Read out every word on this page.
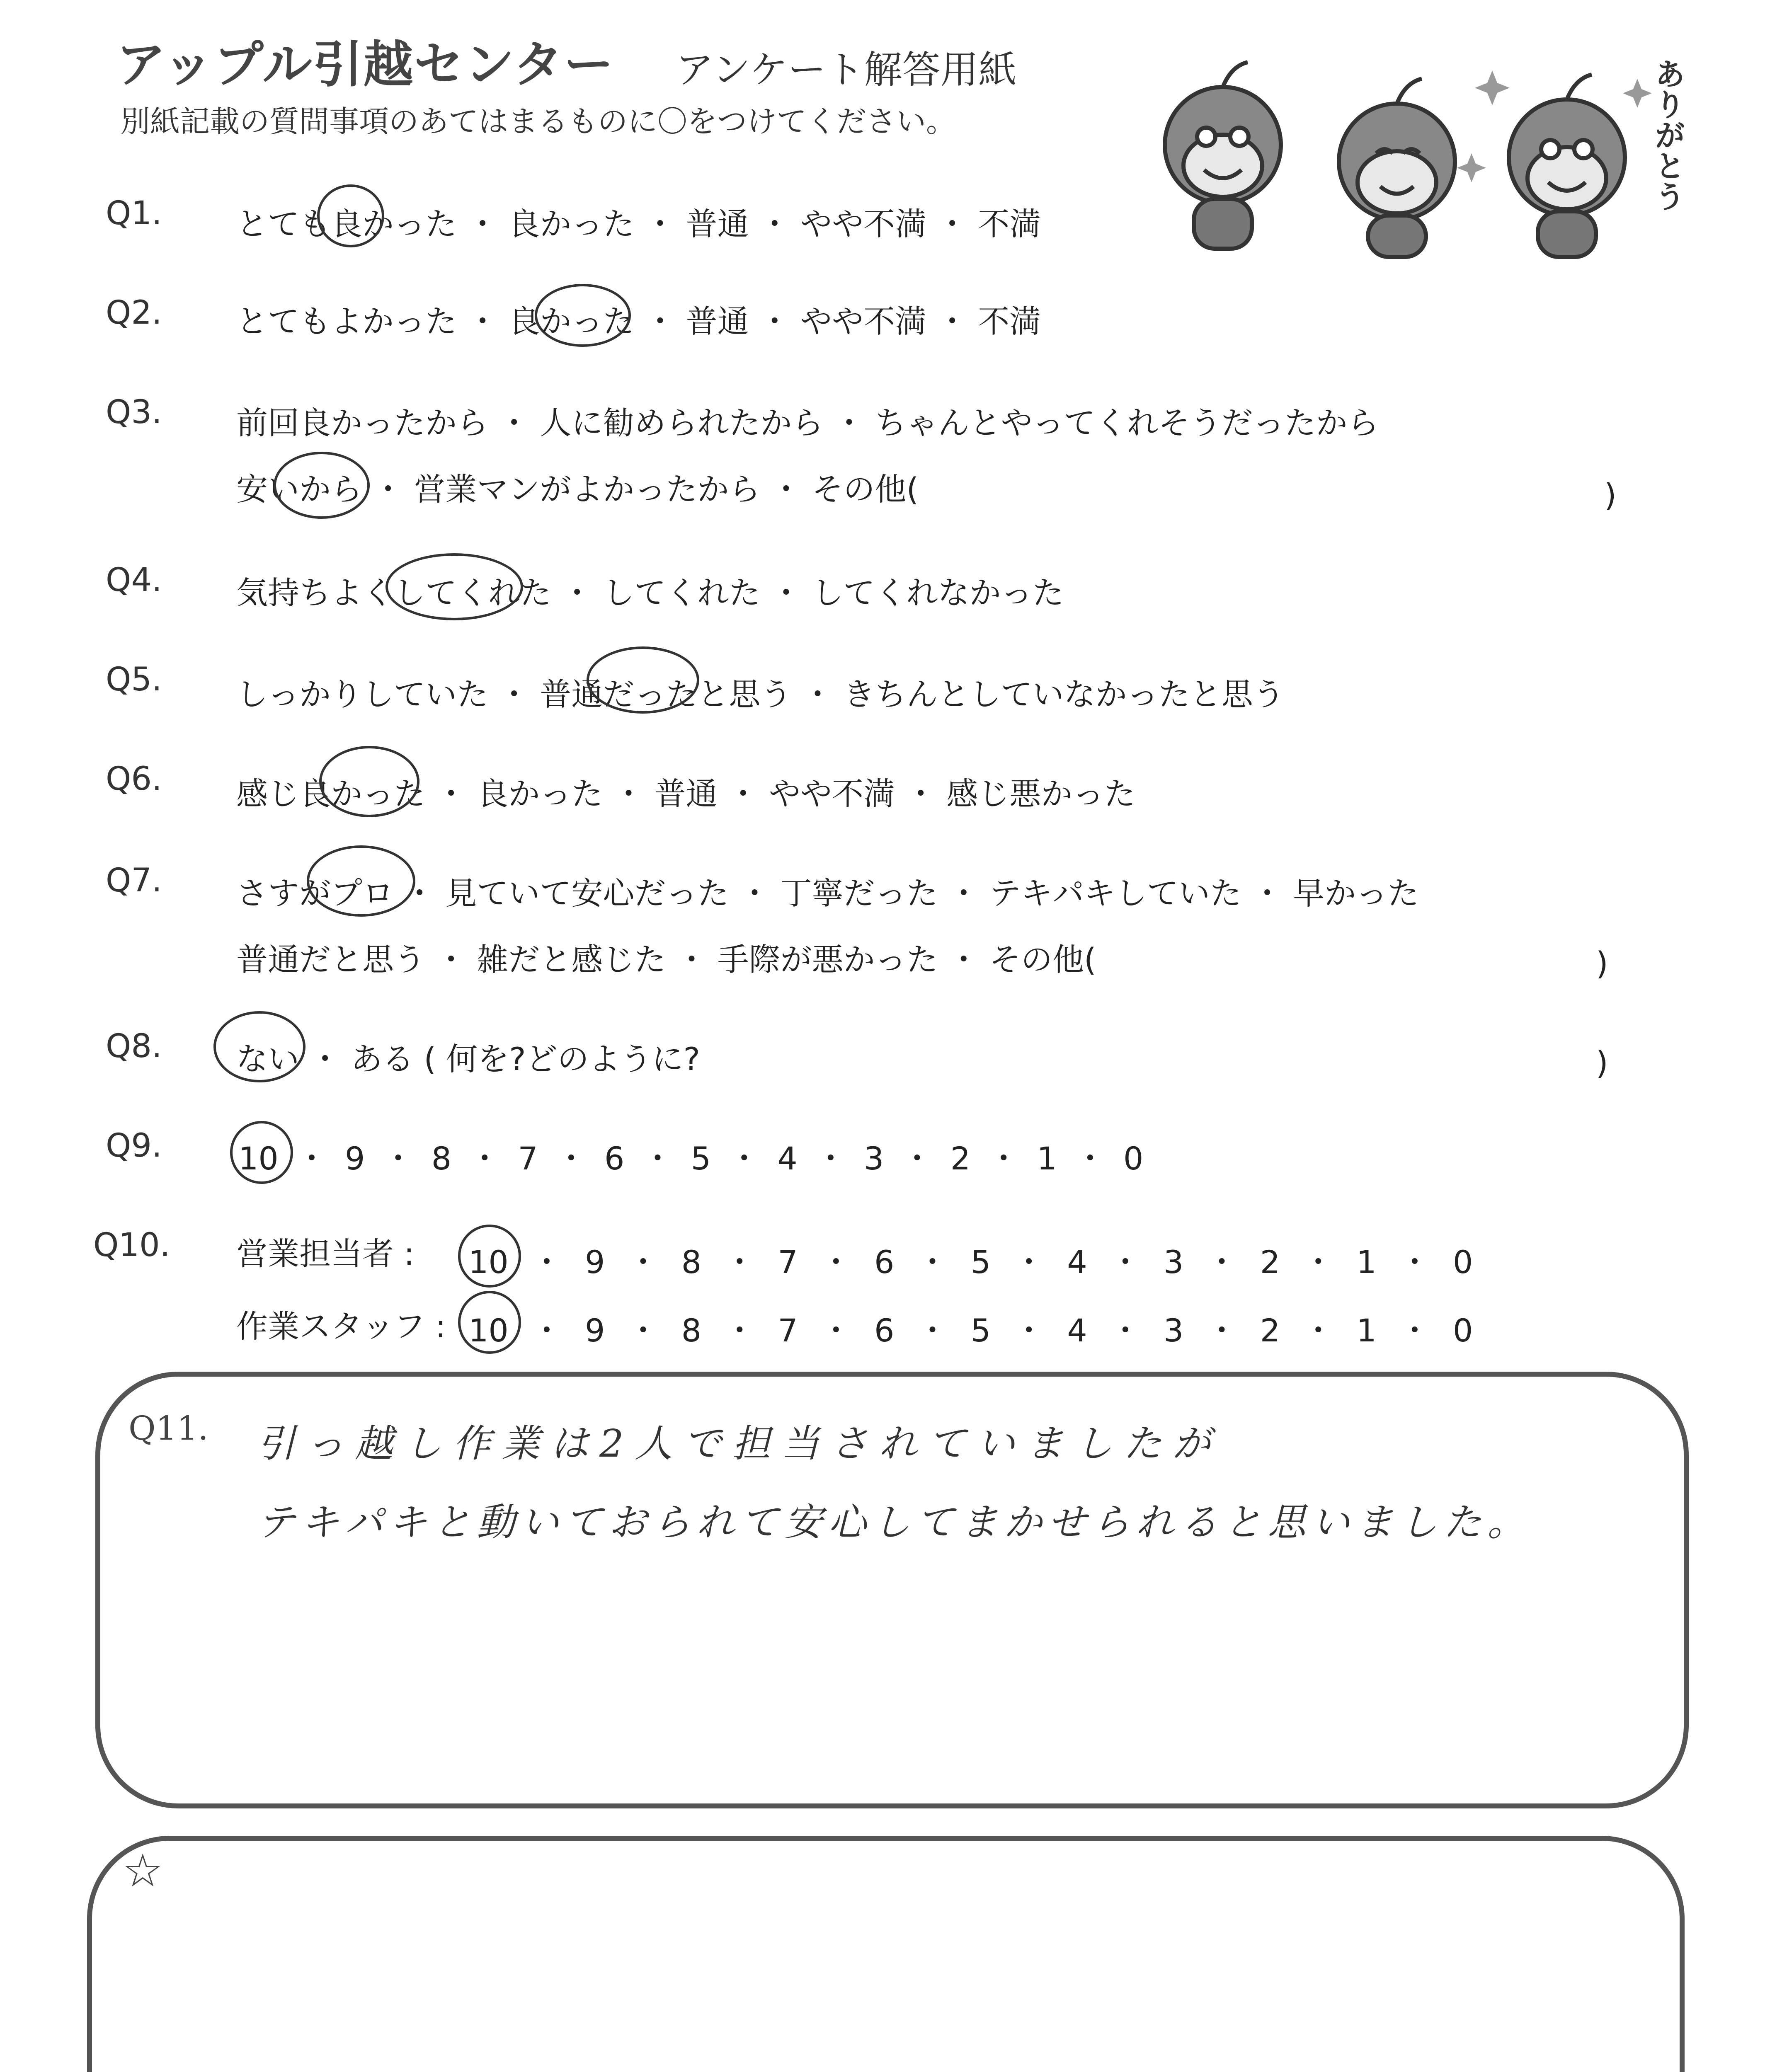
アップル引越センター アンケート解答用紙
別紙記載の質問事項のあてはまるものに〇をつけてください。	ありがとう
Q1. とても良かった ・ 良かった ・ 普通 ・ やや不満 ・ 不満
Q2. とてもよかった ・ 良かった ・ 普通 ・ やや不満 ・ 不満
Q3. 前回良かったから ・ 人に勧められたから ・ ちゃんとやってくれそうだったから
安いから ・ 営業マンがよかったから ・ その他(	)
Q4. 気持ちよくしてくれた ・ してくれた ・ してくれなかった
Q5. しっかりしていた ・ 普通だったと思う ・ きちんとしていなかったと思う
Q6. 感じ良かった ・ 良かった ・ 普通 ・ やや不満 ・ 感じ悪かった
Q7. さすがプロ ・ 見ていて安心だった ・ 丁寧だった ・ テキパキしていた ・ 早かった
普通だと思う ・ 雑だと感じた ・ 手際が悪かった ・ その他(	)
Q8. ない ・ ある ( 何を?どのように?	)
Q9. 10 ・ 9 ・ 8 ・ 7 ・ 6 ・ 5 ・ 4 ・ 3 ・ 2 ・ 1 ・ 0
Q10. 営業担当者 : 10 ・ 9 ・ 8 ・ 7 ・ 6 ・ 5 ・ 4 ・ 3 ・ 2 ・ 1 ・ 0
作業スタッフ : 10 ・ 9 ・ 8 ・ 7 ・ 6 ・ 5 ・ 4 ・ 3 ・ 2 ・ 1 ・ 0
Q11. 引っ越し作業は2人で担当されていましたが
テキパキと動いておられて安心してまかせられると思いました。
☆
